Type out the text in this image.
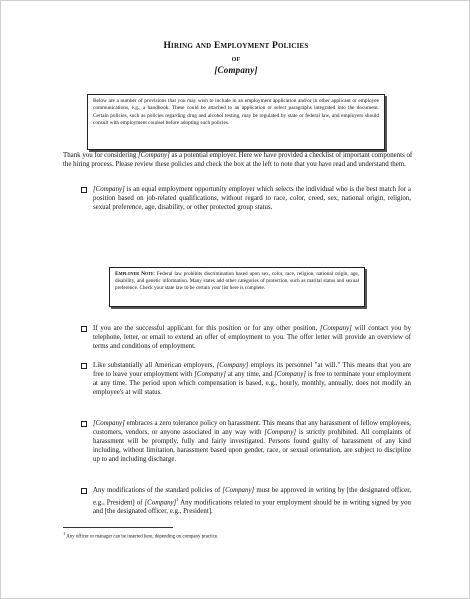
Hiring and Employment Policies
of
[Company]
Below are a number of provisions that you may wish to include in an employment application and/or in other applicant or employee communications, e.g., a handbook. These could be attached to an application or select paragraphs integrated into the document. Certain policies, such as policies regarding drug and alcohol testing, may be regulated by state or federal law, and employers should consult with employment counsel before adopting such policies.
Thank you for considering [Company] as a potential employer. Here we have provided a checklist of important components of the hiring process. Please review these policies and check the box at the left to note that you have read and understand them.
[Company] is an equal employment opportunity employer which selects the individual who is the best match for a position based on job-related qualifications, without regard to race, color, creed, sex, national origin, religion, sexual preference, age, disability, or other protected group status.
Employer Note: Federal law prohibits discrimination based upon sex, color, race, religion, national origin, age, disability, and genetic information. Many states add other categories of protection, such as marital status and sexual preference. Check your state law to be certain your list here is complete.
If you are the successful applicant for this position or for any other position, [Company] will contact you by telephone, letter, or email to extend an offer of employment to you. The offer letter will provide an overview of terms and conditions of employment.
Like substantially all American employers, [Company] employs its personnel "at will." This means that you are free to leave your employment with [Company] at any time, and [Company] is free to terminate your employment at any time. The period upon which compensation is based, e.g., hourly, monthly, annually, does not modify an employee's at will status.
[Company] embraces a zero tolerance policy on harassment. This means that any harassment of fellow employees, customers, vendors, or anyone associated in any way with [Company] is strictly prohibited. All complaints of harassment will be promptly, fully and fairly investigated. Persons found guilty of harassment of any kind including, without limitation, harassment based upon gender, race, or sexual orientation, are subject to discipline up to and including discharge.
Any modifications of the standard policies of [Company] must be approved in writing by [the designated officer, e.g., President] of [Company]$^1$ Any modifications related to your employment should be in writing signed by you and [the designated officer, e.g., President].
$^1$ Any officer or manager can be inserted here, depending on company practice.
